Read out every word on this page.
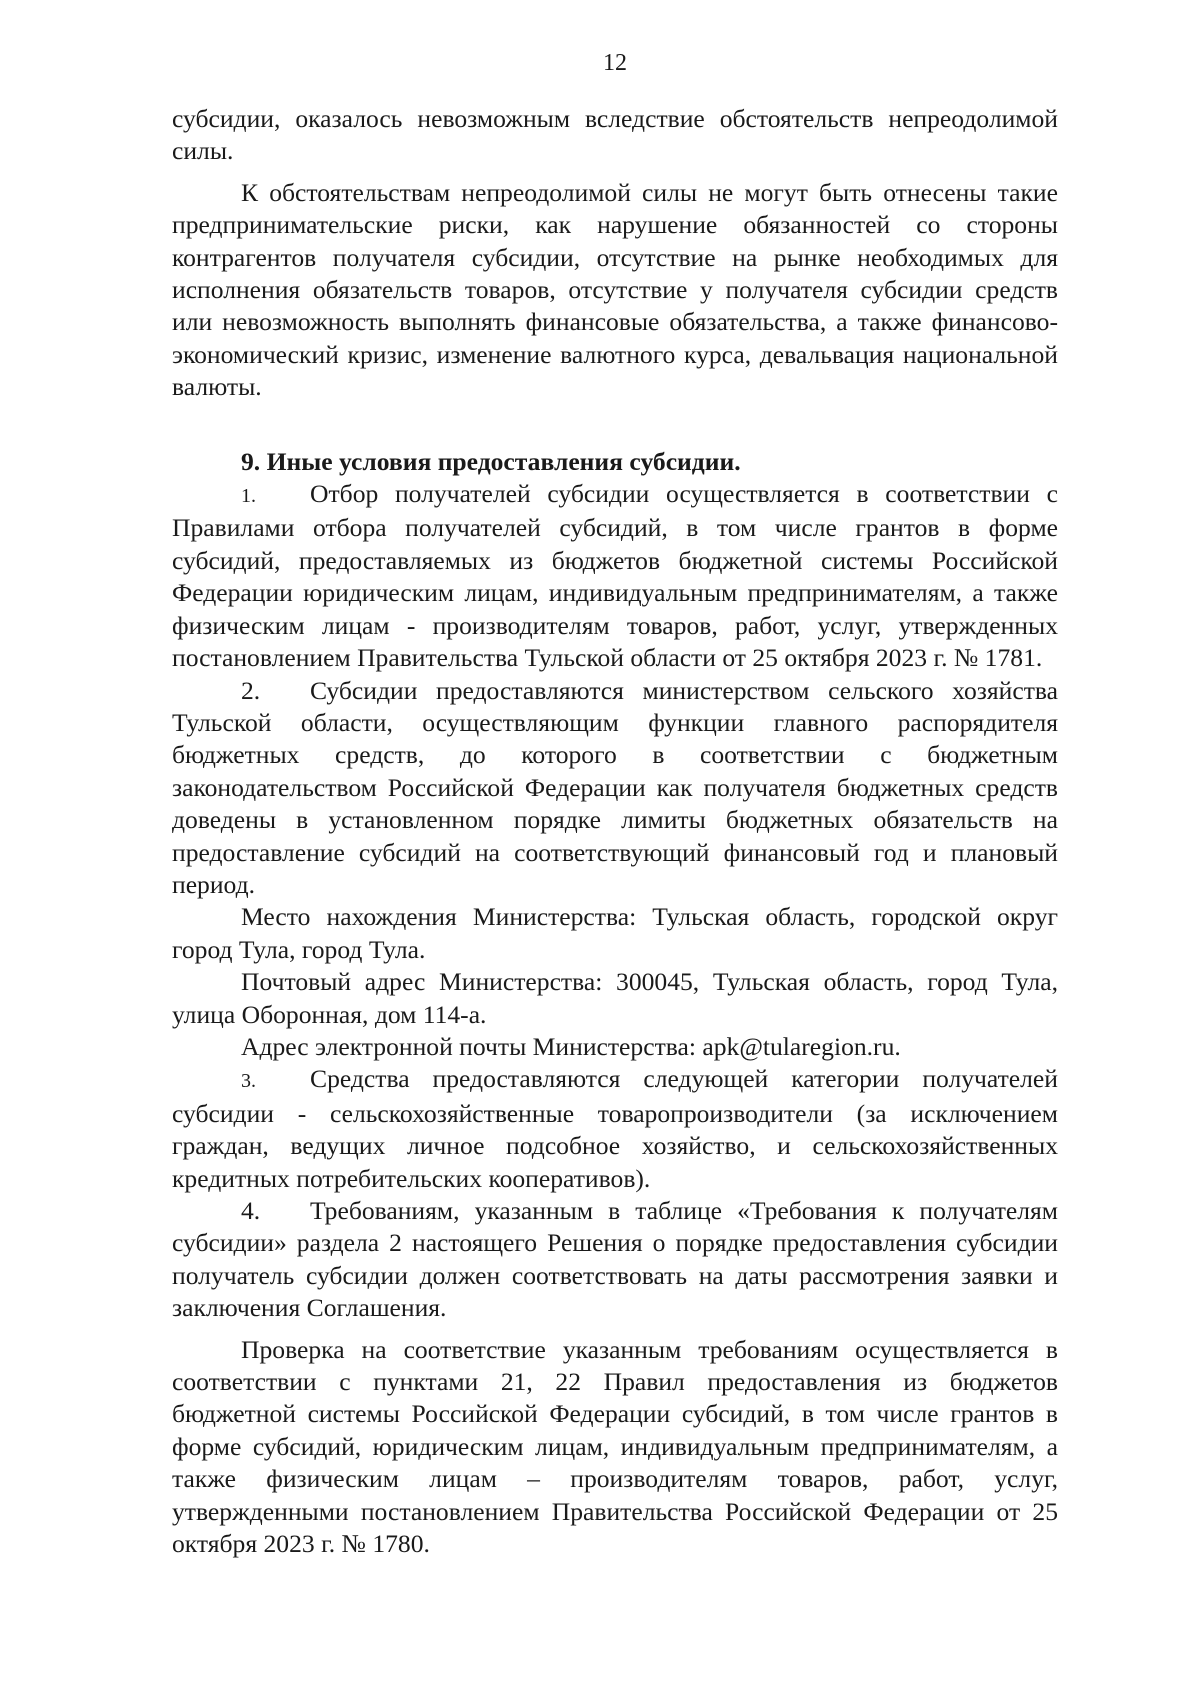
12

субсидии, оказалось невозможным вследствие обстоятельств непреодолимой силы.

К обстоятельствам непреодолимой силы не могут быть отнесены такие предпринимательские риски, как нарушение обязанностей со стороны контрагентов получателя субсидии, отсутствие на рынке необходимых для исполнения обязательств товаров, отсутствие у получателя субсидии средств или невозможность выполнять финансовые обязательства, а также финансово-экономический кризис, изменение валютного курса, девальвация национальной валюты.

9. Иные условия предоставления субсидии.

1. Отбор получателей субсидии осуществляется в соответствии с Правилами отбора получателей субсидий, в том числе грантов в форме субсидий, предоставляемых из бюджетов бюджетной системы Российской Федерации юридическим лицам, индивидуальным предпринимателям, а также физическим лицам - производителям товаров, работ, услуг, утвержденных постановлением Правительства Тульской области от 25 октября 2023 г. № 1781.

2. Субсидии предоставляются министерством сельского хозяйства Тульской области, осуществляющим функции главного распорядителя бюджетных средств, до которого в соответствии с бюджетным законодательством Российской Федерации как получателя бюджетных средств доведены в установленном порядке лимиты бюджетных обязательств на предоставление субсидий на соответствующий финансовый год и плановый период.

Место нахождения Министерства: Тульская область, городской округ город Тула, город Тула.

Почтовый адрес Министерства: 300045, Тульская область, город Тула, улица Оборонная, дом 114-а.

Адрес электронной почты Министерства: apk@tularegion.ru.

3. Средства предоставляются следующей категории получателей субсидии - сельскохозяйственные товаропроизводители (за исключением граждан, ведущих личное подсобное хозяйство, и сельскохозяйственных кредитных потребительских кооперативов).

4. Требованиям, указанным в таблице «Требования к получателям субсидии» раздела 2 настоящего Решения о порядке предоставления субсидии получатель субсидии должен соответствовать на даты рассмотрения заявки и заключения Соглашения.

Проверка на соответствие указанным требованиям осуществляется в соответствии с пунктами 21, 22 Правил предоставления из бюджетов бюджетной системы Российской Федерации субсидий, в том числе грантов в форме субсидий, юридическим лицам, индивидуальным предпринимателям, а также физическим лицам – производителям товаров, работ, услуг, утвержденными постановлением Правительства Российской Федерации от 25 октября 2023 г. № 1780.
